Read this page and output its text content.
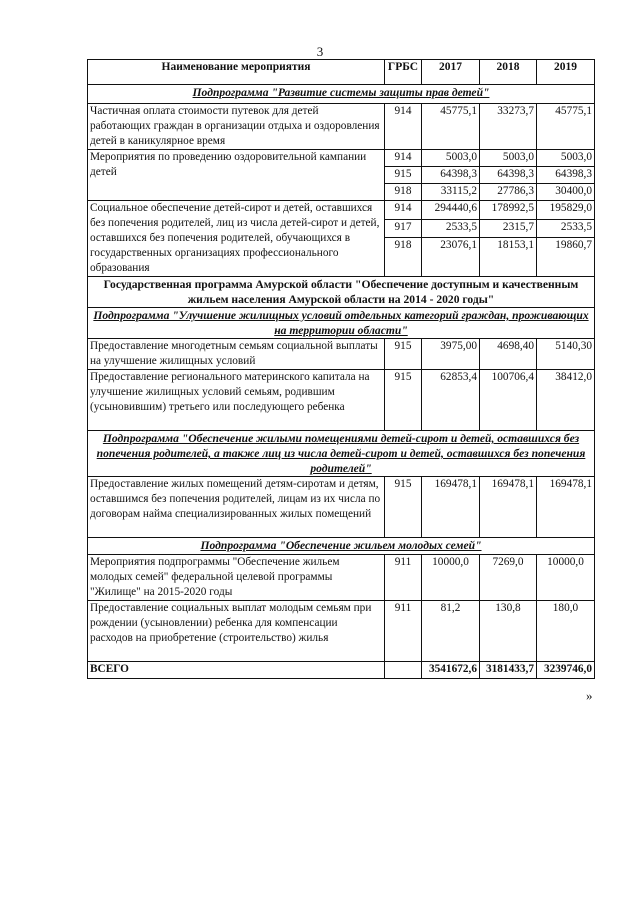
3
Наименование мероприятия	ГРБС	2017	2018	2019
Подпрограмма "Развитие системы защиты прав детей"				
Частичная оплата стоимости путевок для детей работающих граждан в организации отдыха и оздоровления детей в каникулярное время	914	45775,1	33273,7	45775,1
Мероприятия по проведению оздоровительной кампании детей	914	5003,0	5003,0	5003,0
	915	64398,3	64398,3	64398,3
	918	33115,2	27786,3	30400,0
Социальное обеспечение детей-сирот и детей, оставшихся без попечения родителей, лиц из числа детей-сирот и детей, оставшихся без попечения родителей, обучающихся в государственных организациях профессионального образования	914	294440,6	178992,5	195829,0
	917	2533,5	2315,7	2533,5
	918	23076,1	18153,1	19860,7
Государственная программа Амурской области "Обеспечение доступным и качественным жильем населения Амурской области на 2014 - 2020 годы"				
Подпрограмма "Улучшение жилищных условий отдельных категорий граждан, проживающих на территории области"				
Предоставление многодетным семьям социальной выплаты на улучшение жилищных условий	915	3975,00	4698,40	5140,30
Предоставление регионального материнского капитала на улучшение жилищных условий семьям, родившим (усыновившим) третьего или последующего ребенка	915	62853,4	100706,4	38412,0
Подпрограмма "Обеспечение жилыми помещениями детей-сирот и детей, оставшихся без попечения родителей, а также лиц из числа детей-сирот и детей, оставшихся без попечения родителей"				
Предоставление жилых помещений детям-сиротам и детям, оставшимся без попечения родителей, лицам из их числа по договорам найма специализированных жилых помещений	915	169478,1	169478,1	169478,1
Подпрограмма "Обеспечение жильем молодых семей"				
Мероприятия подпрограммы "Обеспечение жильем молодых семей" федеральной целевой программы "Жилище" на 2015-2020 годы	911	10000,0	7269,0	10000,0
Предоставление социальных выплат молодым семьям при рождении (усыновлении) ребенка для компенсации расходов на приобретение (строительство) жилья	911	81,2	130,8	180,0
ВСЕГО		3541672,6	3181433,7	3239746,0
»
